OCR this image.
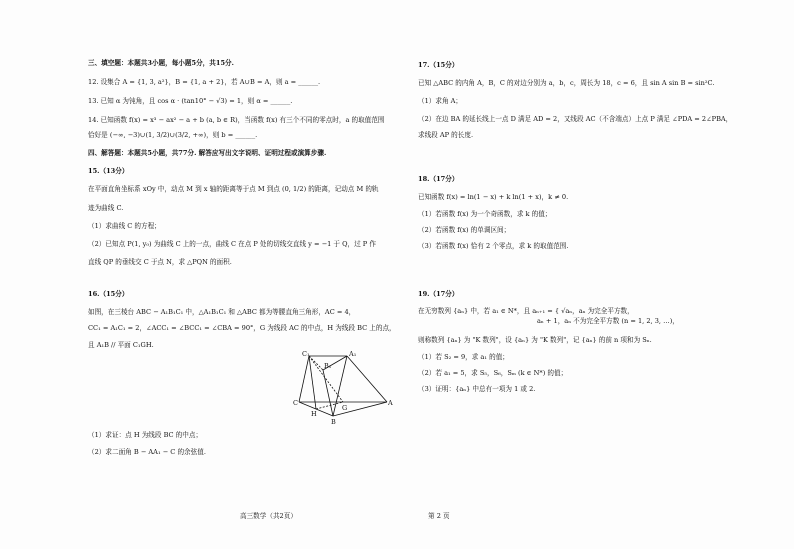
三、填空题：本题共3小题，每小题5分，共15分.
12. 设集合 A = {1, 3, a²}，B = {1, a + 2}，若 A∪B = A，则 a = ______.
13. 已知 α 为钝角，且 cos α · (tan10° − √3) = 1，则 α = ______.
14. 已知函数 f(x) = x³ − ax² − a + b (a, b ∈ R)，当函数 f(x) 有三个不同的零点时，a 的取值范围
恰好是 (−∞, −3)∪(1, 3/2)∪(3/2, +∞)，则 b = ______.
四、解答题：本题共5小题，共77分. 解答应写出文字说明、证明过程或演算步骤.
15.（13分）
在平面直角坐标系 xOy 中，动点 M 到 x 轴的距离等于点 M 到点 (0, 1/2) 的距离，记动点 M 的轨
迹为曲线 C.
（1）求曲线 C 的方程；
（2）已知点 P(1, y₀) 为曲线 C 上的一点，曲线 C 在点 P 处的切线交直线 y = −1 于 Q，过 P 作
直线 QP 的垂线交 C 于点 N，求 △PQN 的面积.
16.（15分）
如图，在三棱台 ABC − A₁B₁C₁ 中，△A₁B₁C₁ 和 △ABC 都为等腰直角三角形，AC = 4，
CC₁ = A₁C₁ = 2，∠ACC₁ = ∠BCC₁ = ∠CBA = 90°，G 为线段 AC 的中点，H 为线段 BC 上的点，
且 A₁B // 平面 C₁GH.
C₁	A₁
B₁
C
H
G
A
B
（1）求证：点 H 为线段 BC 的中点；
（2）求二面角 B − AA₁ − C 的余弦值.
17.（15分）
已知 △ABC 的内角 A，B，C 的对边分别为 a，b，c，周长为 18，c = 6，且 sin A sin B = sin²C.
（1）求角 A；
（2）在边 BA 的延长线上一点 D 满足 AD = 2，又线段 AC（不含端点）上点 P 满足 ∠PDA = 2∠PBA，
求线段 AP 的长度.
18.（17分）
已知函数 f(x) = ln(1 − x) + k ln(1 + x)，k ≠ 0.
（1）若函数 f(x) 为一个奇函数，求 k 的值；
（2）若函数 f(x) 的单调区间；
（3）若函数 f(x) 恰有 2 个零点，求 k 的取值范围.
19.（17分）
在无穷数列 {aₙ} 中，若 a₁ ∈ N*，且 aₙ₊₁ = { √aₙ，aₙ 为完全平方数，
aₙ + 1，aₙ 不为完全平方数 (n = 1, 2, 3, …)，
则称数列 {aₙ} 为 "K 数列"，设 {aₙ} 为 "K 数列"，记 {aₙ} 的前 n 项和为 Sₙ.
（1）若 S₂ = 9，求 a₁ 的值；
（2）若 a₁ = 5，求 S₅，S₆，Sₘ (k ∈ N*) 的值；
（3）证明：{aₙ} 中总有一项为 1 或 2.
高三数学（共2页）	第 2 页
